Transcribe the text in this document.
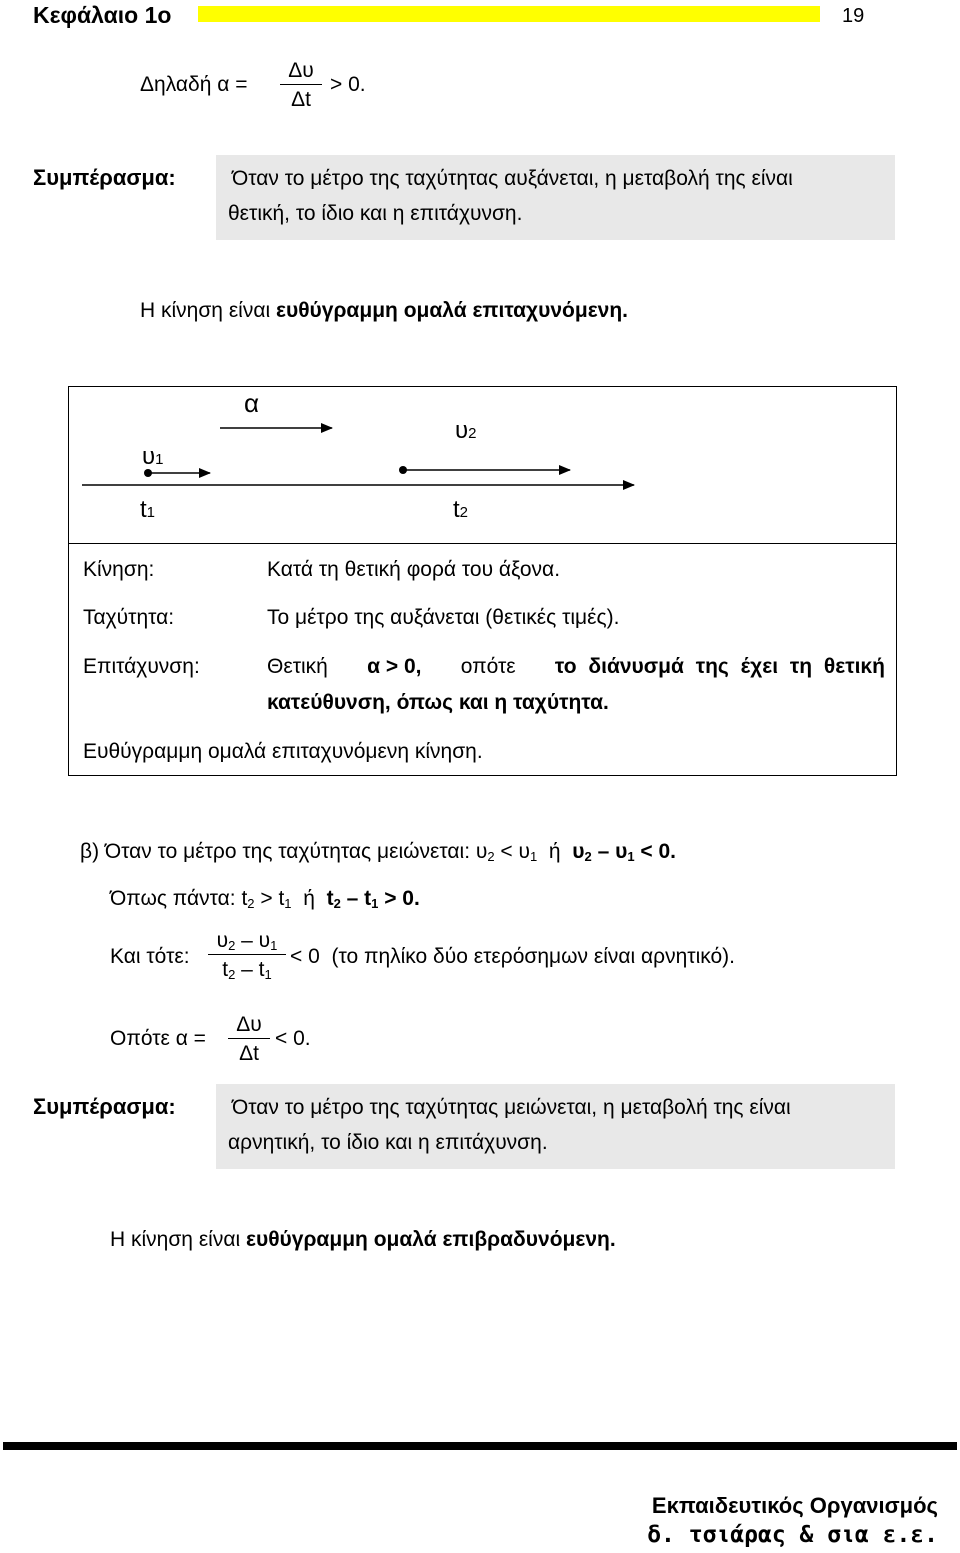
Κεφάλαιο 1ο	19
Δηλαδή $\alpha = \frac{\Delta\upsilon}{\Delta t} > 0$.
Συμπέρασμα:	Όταν το μέτρο της ταχύτητας αυξάνεται, η μεταβολή της είναι

θετική, το ίδιο και η επιτάχυνση.

Η κίνηση είναι ευθύγραμμη ομαλά επιταχυνόμενη.
α
υ1
υ2
t1	t2
Κίνηση:	Κατά τη θετική φορά του άξονα.
Ταχύτητα:	Το μέτρο της αυξάνεται (θετικές τιμές).
Επιτάχυνση:	Θετική α > 0, οπότε το διάνυσμά της έχει τη θετική
κατεύθυνση, όπως και η ταχύτητα.
Ευθύγραμμη ομαλά επιταχυνόμενη κίνηση.
β) Όταν το μέτρο της ταχύτητας μειώνεται: $\upsilon_2 < \upsilon_1$  ή  $\upsilon_2 - \upsilon_1 < 0$.
Όπως πάντα: $t_2 > t_1$  ή  $t_2 - t_1 > 0$.
Και τότε: $\frac{\upsilon_2 - \upsilon_1}{t_2 - t_1} < 0$  (το πηλίκο δύο ετερόσημων είναι αρνητικό).
Οπότε $\alpha = \frac{\Delta\upsilon}{\Delta t} < 0$.
Συμπέρασμα:	Όταν το μέτρο της ταχύτητας μειώνεται, η μεταβολή της είναι

αρνητική, το ίδιο και η επιτάχυνση.

Η κίνηση είναι ευθύγραμμη ομαλά επιβραδυνόμενη.
Εκπαιδευτικός Οργανισμός
δ. τσιάρας & σια ε.ε.
